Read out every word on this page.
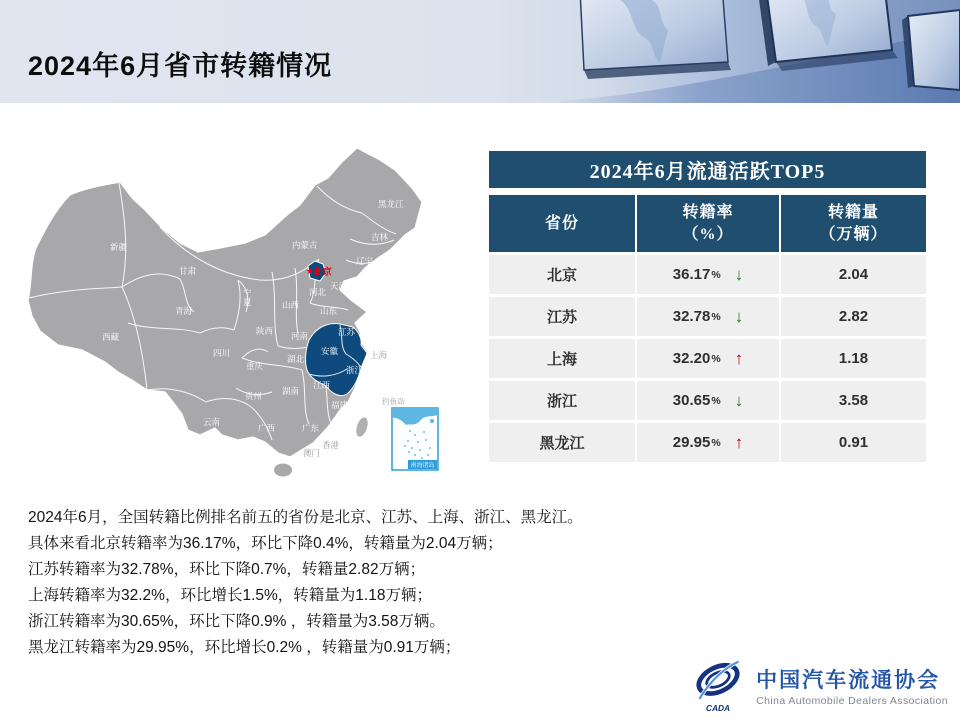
2024年6月省市转籍情况
★
北京
钓鱼岛
南海诸岛
新疆
甘肃
青海
西藏
四川
云南
贵州
广西	广东
湖南
湖北
河南
陕西
山西
河北
山东
内蒙古
黑龙江
吉林
辽宁
天津
重庆
江西
福建
江苏
安徽
浙江
上海
香港
澳门
宁夏
2024年6月流通活跃TOP5
省份
转籍率
（%）
转籍量
（万辆）
北京	36.17 % ↓	2.04
江苏	32.78 % ↓	2.82
上海	32.20 % ↑	1.18
浙江	30.65 % ↓	3.58
黑龙江	29.95 % ↑	0.91
2024年6月，全国转籍比例排名前五的省份是北京、江苏、上海、浙江、黑龙江。
具体来看北京转籍率为36.17%，环比下降0.4%，转籍量为2.04万辆；
江苏转籍率为32.78%，环比下降0.7%，转籍量2.82万辆；
上海转籍率为32.2%，环比增长1.5%，转籍量为1.18万辆；
浙江转籍率为30.65%，环比下降0.9% ，转籍量为3.58万辆。
黑龙江转籍率为29.95%，环比增长0.2% ，转籍量为0.91万辆；
CADA
中国汽车流通协会
China Automobile Dealers Association
